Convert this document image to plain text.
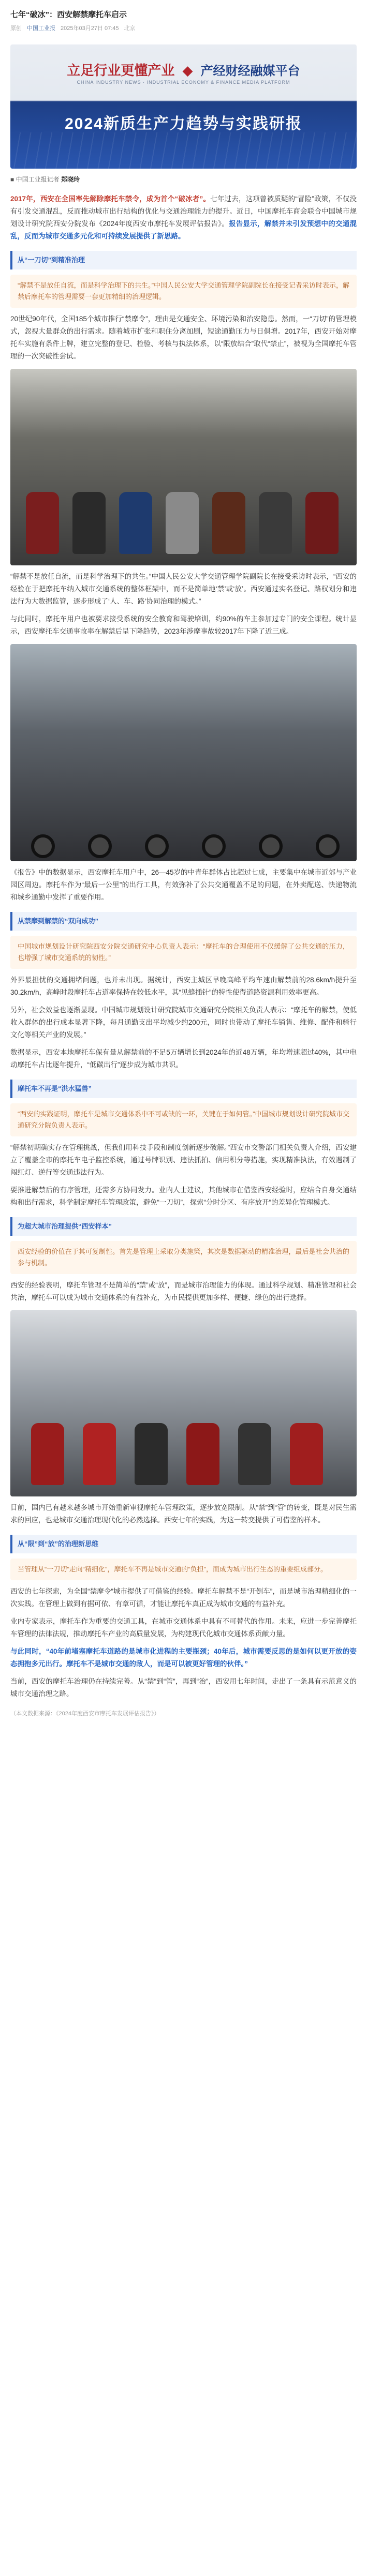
七年“破冰”：西安解禁摩托车启示
原创 中国工业报 2025年03月27日 07:45 北京
立足行业更懂产业 ◆ 产经财经融媒平台
CHINA INDUSTRY NEWS · INDUSTRIAL ECONOMY & FINANCE MEDIA PLATFORM
2024新质生产力趋势与实践研报
■ 中国工业报记者 郑晓玲

2017年，西安在全国率先解除摩托车禁令，成为首个“破冰者”。七年过去，这项曾被质疑的“冒险”政策，不仅没有引发交通混乱，反而推动城市出行结构的优化与交通治理能力的提升。近日，中国摩托车商会联合中国城市规划设计研究院西安分院发布《2024年度西安市摩托车发展评估报告》。报告显示，解禁并未引发预想中的交通混乱，反而为城市交通多元化和可持续发展提供了新思路。

从“一刀切”到精准治理
“解禁不是放任自流，而是科学治理下的共生。”中国人民公安大学交通管理学院副院长在接受记者采访时表示，解禁后摩托车的管理需要一套更加精细的治理逻辑。

20世纪90年代，全国185个城市推行“禁摩令”，理由是交通安全、环境污染和治安隐患。然而，一“刀切”的管理模式，忽视大量群众的出行需求。随着城市扩张和职住分离加剧，短途通勤压力与日俱增。2017年，西安开始对摩托车实施有条件上牌，建立完整的登记、检验、考核与执法体系，以“限放结合”取代“禁止”，被视为全国摩托车管理的一次突破性尝试。

“解禁不是放任自流，而是科学治理下的共生。”中国人民公安大学交通管理学院副院长在接受采访时表示，“西安的经验在于把摩托车纳入城市交通系统的整体框架中，而不是简单地‘禁’或‘放’。西安通过实名登记、路权划分和违法行为大数据监管，逐步形成了‘人、车、路’协同治理的模式。”

与此同时，摩托车用户也被要求接受系统的安全教育和驾驶培训，约90%的车主参加过专门的安全课程。统计显示，西安摩托车交通事故率在解禁后呈下降趋势，2023年涉摩事故较2017年下降了近三成。

《报告》中的数据显示，西安摩托车用户中，26—45岁的中青年群体占比超过七成，主要集中在城市近郊与产业园区周边。摩托车作为“最后一公里”的出行工具，有效弥补了公共交通覆盖不足的问题，在外卖配送、快递物流和城乡通勤中发挥了重要作用。

从禁摩到解禁的“双向成功”
中国城市规划设计研究院西安分院交通研究中心负责人表示：“摩托车的合理使用不仅缓解了公共交通的压力，也增强了城市交通系统的韧性。”

外界最担忧的交通拥堵问题，也并未出现。据统计，西安主城区早晚高峰平均车速由解禁前的28.6km/h提升至30.2km/h，高峰时段摩托车占道率保持在较低水平，其“见缝插针”的特性使得道路资源利用效率更高。

另外，社会效益也逐渐显现。中国城市规划设计研究院城市交通研究分院相关负责人表示：“摩托车的解禁，使低收入群体的出行成本显著下降，每月通勤支出平均减少约200元，同时也带动了摩托车销售、维修、配件和骑行文化等相关产业的发展。”

数据显示，西安本地摩托车保有量从解禁前的不足5万辆增长到2024年的近48万辆，年均增速超过40%，其中电动摩托车占比逐年提升，“低碳出行”逐步成为城市共识。

摩托车不再是“洪水猛兽”
“西安的实践证明，摩托车是城市交通体系中不可或缺的一环，关键在于如何管。”中国城市规划设计研究院城市交通研究分院负责人表示。

“解禁初期确实存在管理挑战，但我们用科技手段和制度创新逐步破解。”西安市交警部门相关负责人介绍，西安建立了覆盖全市的摩托车电子监控系统，通过号牌识别、违法抓拍、信用积分等措施，实现精准执法，有效遏制了闯红灯、逆行等交通违法行为。

要推进解禁后的有序管理，还需多方协同发力。业内人士建议，其他城市在借鉴西安经验时，应结合自身交通结构和出行需求，科学制定摩托车管理政策，避免“一刀切”，探索“分时分区、有序放开”的差异化管理模式。

为超大城市治理提供“西安样本”
西安经验的价值在于其可复制性。首先是管理上采取分类施策，其次是数据驱动的精准治理，最后是社会共治的参与机制。

西安的经验表明，摩托车管理不是简单的“禁”或“放”，而是城市治理能力的体现。通过科学规划、精准管理和社会共治，摩托车可以成为城市交通体系的有益补充，为市民提供更加多样、便捷、绿色的出行选择。

目前，国内已有越来越多城市开始重新审视摩托车管理政策，逐步放宽限制。从“禁”到“管”的转变，既是对民生需求的回应，也是城市交通治理现代化的必然选择。西安七年的实践，为这一转变提供了可借鉴的样本。

从“限”到“放”的治理新思维
当管理从“一刀切”走向“精细化”，摩托车不再是城市交通的“负担”，而成为城市出行生态的重要组成部分。

西安的七年探索，为全国“禁摩令”城市提供了可借鉴的经验。摩托车解禁不是“开倒车”，而是城市治理精细化的一次实践。在管理上做到有据可依、有章可循，才能让摩托车真正成为城市交通的有益补充。

业内专家表示，摩托车作为重要的交通工具，在城市交通体系中具有不可替代的作用。未来，应进一步完善摩托车管理的法律法规，推动摩托车产业的高质量发展，为构建现代化城市交通体系贡献力量。

与此同时，“40年前堵塞摩托车道路的是城市化进程的主要瓶颈；40年后，城市需要反思的是如何以更开放的姿态拥抱多元出行。摩托车不是城市交通的敌人，而是可以被更好管理的伙伴。”

当前，西安的摩托车治理仍在持续完善。从“禁”到“管”，再到“治”，西安用七年时间，走出了一条具有示范意义的城市交通治理之路。

（本文数据来源：《2024年度西安市摩托车发展评估报告》）
